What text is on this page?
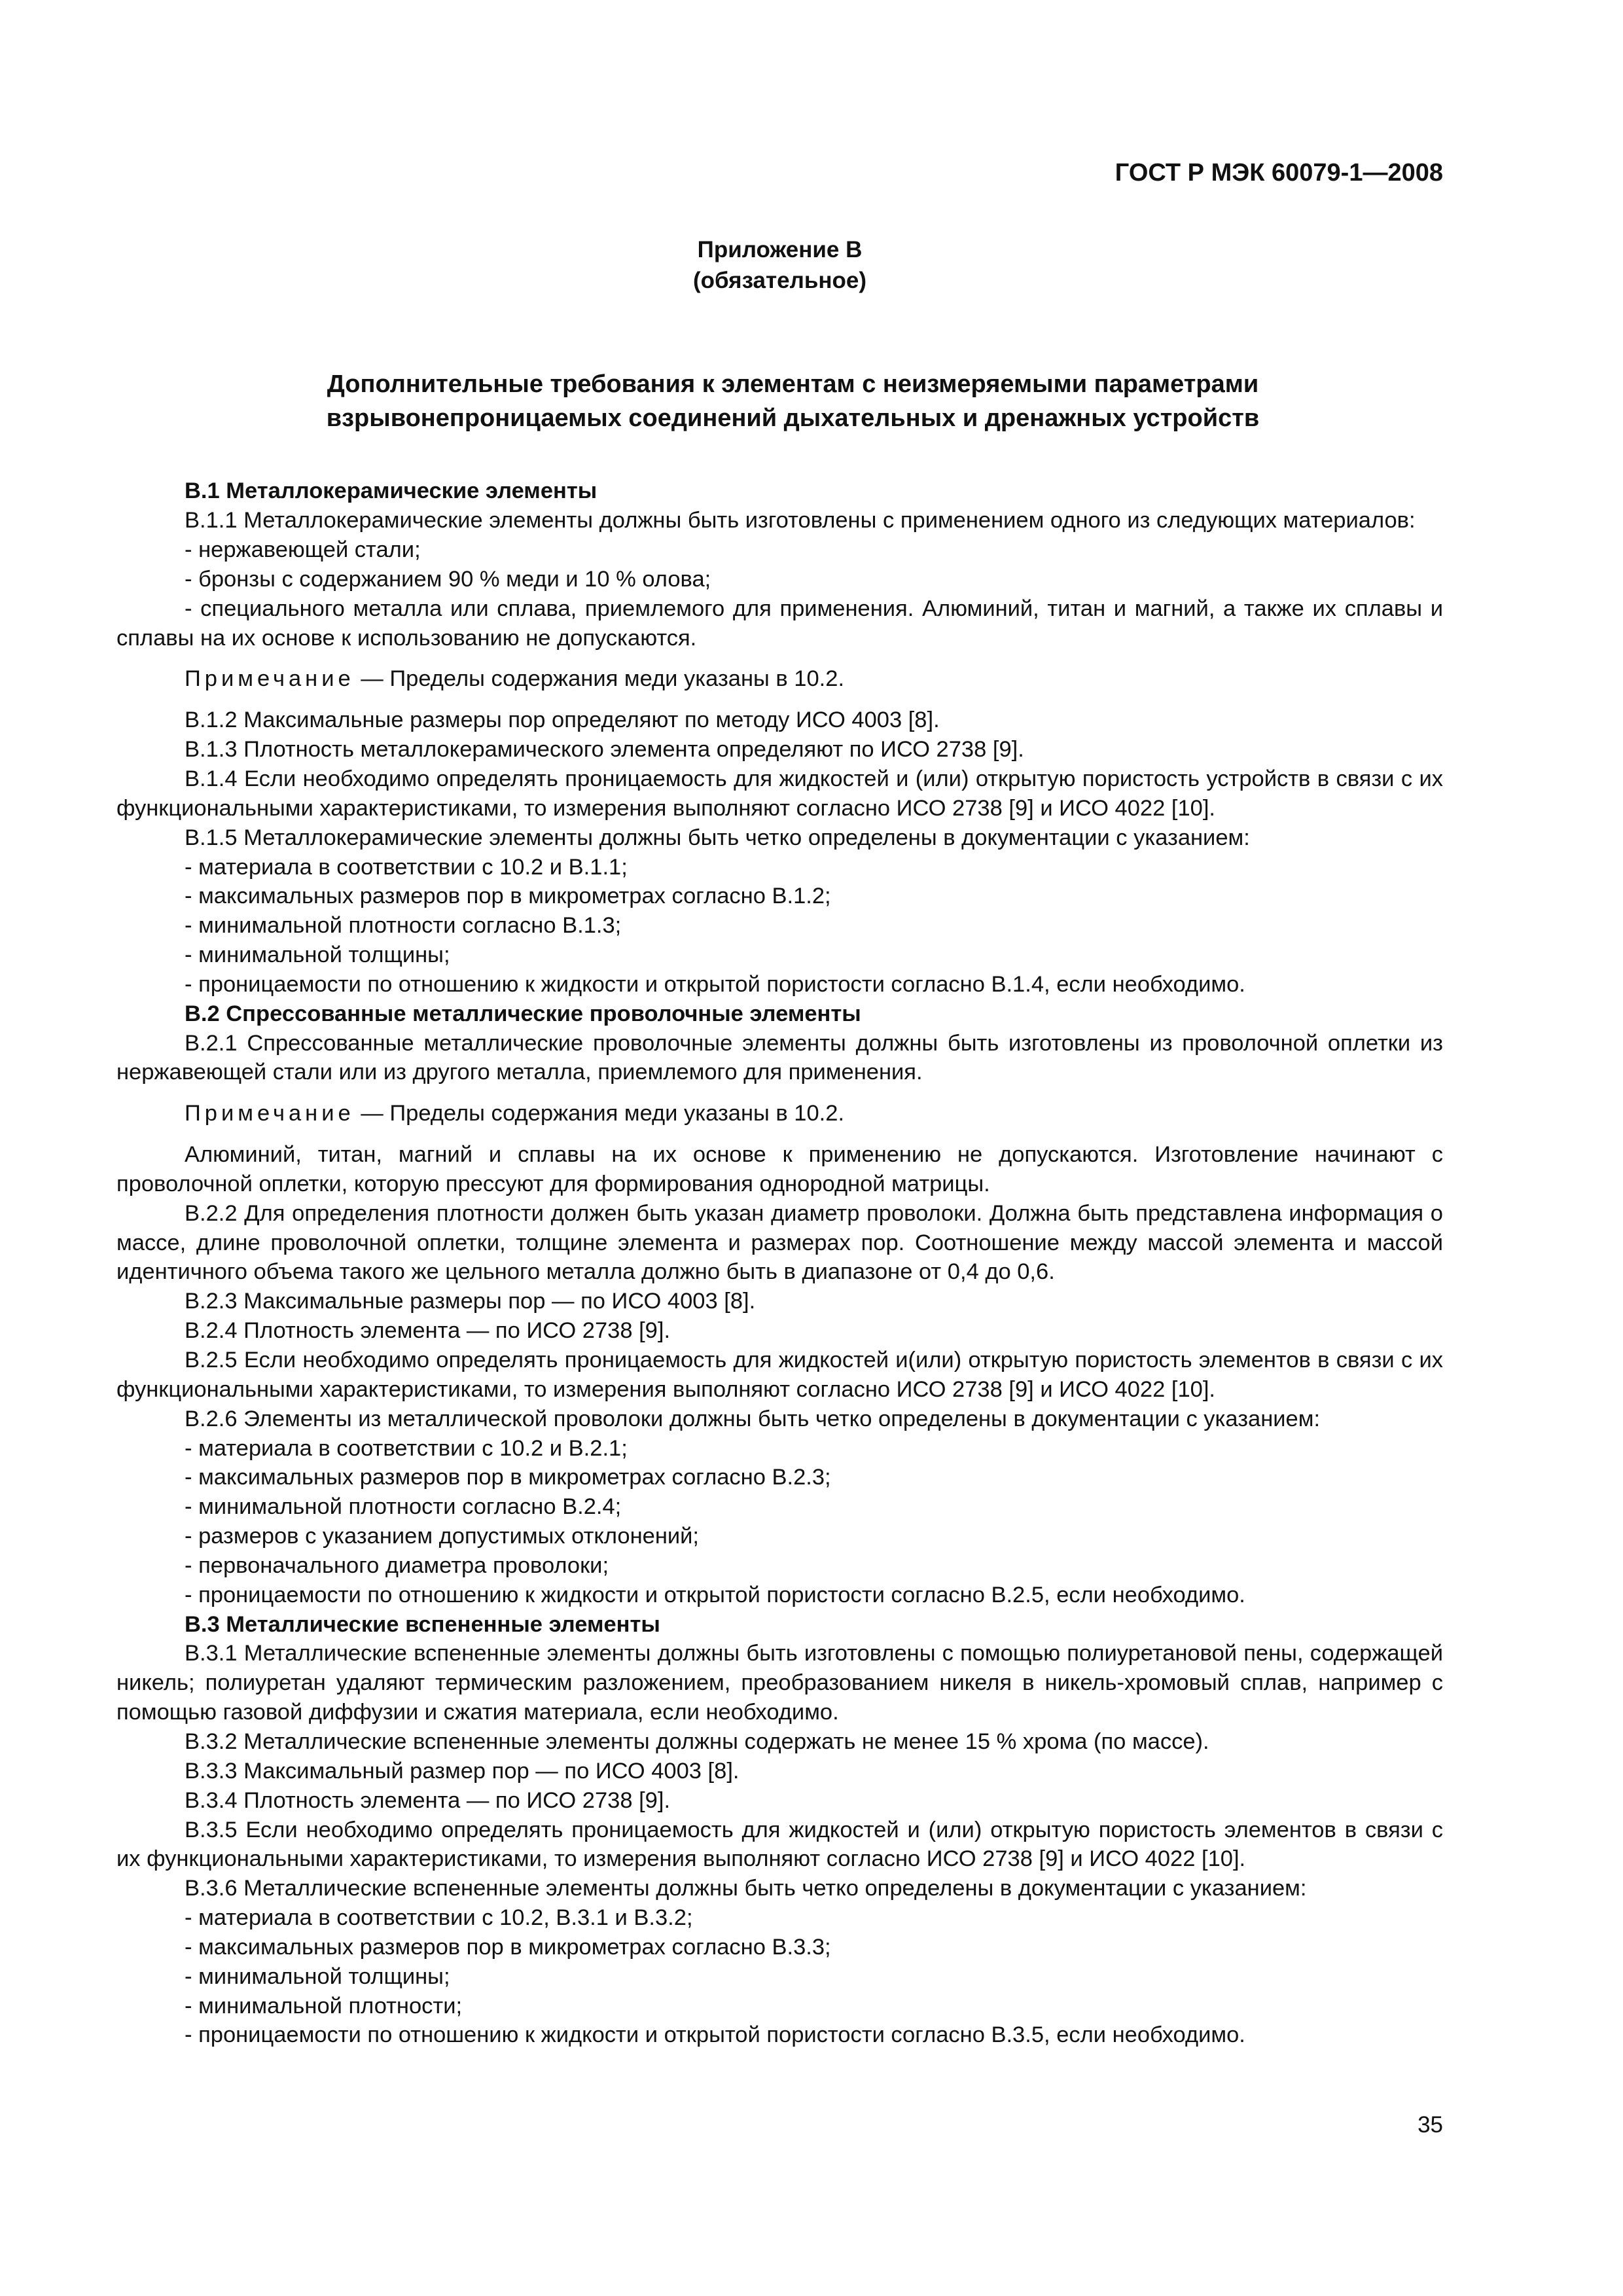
ГОСТ Р МЭК 60079-1—2008
Приложение В
(обязательное)
Дополнительные требования к элементам с неизмеряемыми параметрами
взрывонепроницаемых соединений дыхательных и дренажных устройств

В.1 Металлокерамические элементы

В.1.1 Металлокерамические элементы должны быть изготовлены с применением одного из следующих материалов:

- нержавеющей стали;

- бронзы с содержанием 90 % меди и 10 % олова;

- специального металла или сплава, приемлемого для применения. Алюминий, титан и магний, а также их сплавы и сплавы на их основе к использованию не допускаются.

Примечание — Пределы содержания меди указаны в 10.2.

В.1.2 Максимальные размеры пор определяют по методу ИСО 4003 [8].

В.1.3 Плотность металлокерамического элемента определяют по ИСО 2738 [9].

В.1.4 Если необходимо определять проницаемость для жидкостей и (или) открытую пористость устройств в связи с их функциональными характеристиками, то измерения выполняют согласно ИСО 2738 [9] и ИСО 4022 [10].

В.1.5 Металлокерамические элементы должны быть четко определены в документации с указанием:

- материала в соответствии с 10.2 и В.1.1;

- максимальных размеров пор в микрометрах согласно В.1.2;

- минимальной плотности согласно В.1.3;

- минимальной толщины;

- проницаемости по отношению к жидкости и открытой пористости согласно В.1.4, если необходимо.

В.2 Спрессованные металлические проволочные элементы

В.2.1 Спрессованные металлические проволочные элементы должны быть изготовлены из проволочной оплетки из нержавеющей стали или из другого металла, приемлемого для применения.

Примечание — Пределы содержания меди указаны в 10.2.

Алюминий, титан, магний и сплавы на их основе к применению не допускаются. Изготовление начинают с проволочной оплетки, которую прессуют для формирования однородной матрицы.

В.2.2 Для определения плотности должен быть указан диаметр проволоки. Должна быть представлена информация о массе, длине проволочной оплетки, толщине элемента и размерах пор. Соотношение между массой элемента и массой идентичного объема такого же цельного металла должно быть в диапазоне от 0,4 до 0,6.

В.2.3 Максимальные размеры пор — по ИСО 4003 [8].

В.2.4 Плотность элемента — по ИСО 2738 [9].

В.2.5 Если необходимо определять проницаемость для жидкостей и(или) открытую пористость элементов в связи с их функциональными характеристиками, то измерения выполняют согласно ИСО 2738 [9] и ИСО 4022 [10].

В.2.6 Элементы из металлической проволоки должны быть четко определены в документации с указанием:

- материала в соответствии с 10.2 и В.2.1;

- максимальных размеров пор в микрометрах согласно В.2.3;

- минимальной плотности согласно В.2.4;

- размеров с указанием допустимых отклонений;

- первоначального диаметра проволоки;

- проницаемости по отношению к жидкости и открытой пористости согласно В.2.5, если необходимо.

В.3 Металлические вспененные элементы

В.3.1 Металлические вспененные элементы должны быть изготовлены с помощью полиуретановой пены, содержащей никель; полиуретан удаляют термическим разложением, преобразованием никеля в никель-хромовый сплав, например с помощью газовой диффузии и сжатия материала, если необходимо.

В.3.2 Металлические вспененные элементы должны содержать не менее 15 % хрома (по массе).

В.3.3 Максимальный размер пор — по ИСО 4003 [8].

В.3.4 Плотность элемента — по ИСО 2738 [9].

В.3.5 Если необходимо определять проницаемость для жидкостей и (или) открытую пористость элементов в связи с их функциональными характеристиками, то измерения выполняют согласно ИСО 2738 [9] и ИСО 4022 [10].

В.3.6 Металлические вспененные элементы должны быть четко определены в документации с указанием:

- материала в соответствии с 10.2, В.3.1 и В.3.2;

- максимальных размеров пор в микрометрах согласно В.3.3;

- минимальной толщины;

- минимальной плотности;

- проницаемости по отношению к жидкости и открытой пористости согласно В.3.5, если необходимо.

35
